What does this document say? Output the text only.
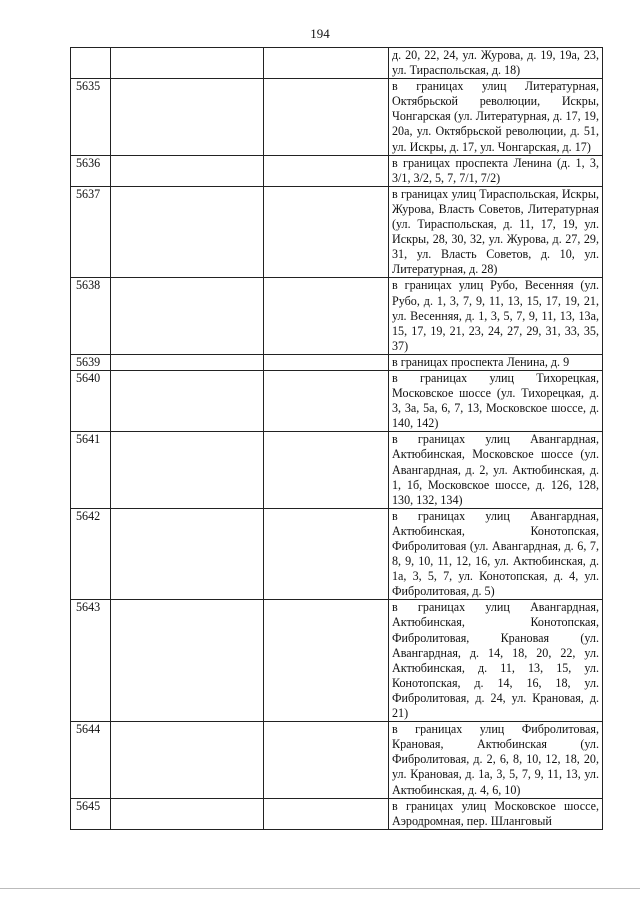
194
			д. 20, 22, 24, ул. Журова, д. 19, 19а, 23, ул. Тираспольская, д. 18)
5635			в границах улиц Литературная, Октябрьской революции, Искры, Чонгарская (ул. Литературная, д. 17, 19, 20а, ул. Октябрьской революции, д. 51, ул. Искры, д. 17, ул. Чонгарская, д. 17)
5636			в границах проспекта Ленина (д. 1, 3, 3/1, 3/2, 5, 7, 7/1, 7/2)
5637			в границах улиц Тираспольская, Искры, Журова, Власть Советов, Литературная (ул. Тираспольская, д. 11, 17, 19, ул. Искры, 28, 30, 32, ул. Журова, д. 27, 29, 31, ул. Власть Советов, д. 10, ул. Литературная, д. 28)
5638			в границах улиц Рубо, Весенняя (ул. Рубо, д. 1, 3, 7, 9, 11, 13, 15, 17, 19, 21, ул. Весенняя, д. 1, 3, 5, 7, 9, 11, 13, 13а, 15, 17, 19, 21, 23, 24, 27, 29, 31, 33, 35, 37)
5639			в границах проспекта Ленина, д. 9
5640			в границах улиц Тихорецкая, Московское шоссе (ул. Тихорецкая, д. 3, 3а, 5а, 6, 7, 13, Московское шоссе, д. 140, 142)
5641			в границах улиц Авангардная, Актюбинская, Московское шоссе (ул. Авангардная, д. 2, ул. Актюбинская, д. 1, 1б, Московское шоссе, д. 126, 128, 130, 132, 134)
5642			в границах улиц Авангардная, Актюбинская, Конотопская, Фибролитовая (ул. Авангардная, д. 6, 7, 8, 9, 10, 11, 12, 16, ул. Актюбинская, д. 1а, 3, 5, 7, ул. Конотопская, д. 4, ул. Фибролитовая, д. 5)
5643			в границах улиц Авангардная, Актюбинская, Конотопская, Фибролитовая, Крановая (ул. Авангардная, д. 14, 18, 20, 22, ул. Актюбинская, д. 11, 13, 15, ул. Конотопская, д. 14, 16, 18, ул. Фибролитовая, д. 24, ул. Крановая, д. 21)
5644			в границах улиц Фибролитовая, Крановая, Актюбинская (ул. Фибролитовая, д. 2, 6, 8, 10, 12, 18, 20, ул. Крановая, д. 1а, 3, 5, 7, 9, 11, 13, ул. Актюбинская, д. 4, 6, 10)
5645			в границах улиц Московское шоссе, Аэродромная, пер. Шланговый
